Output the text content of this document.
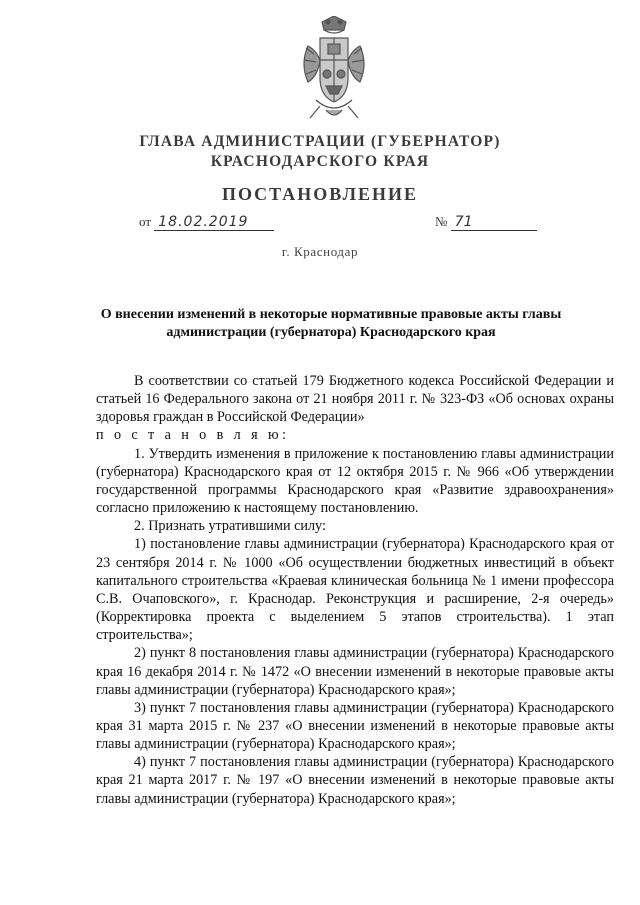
ГЛАВА АДМИНИСТРАЦИИ (ГУБЕРНАТОР)
КРАСНОДАРСКОГО КРАЯ
ПОСТАНОВЛЕНИЕ
от 18.02.2019	№ 71
г. Краснодар
О внесении изменений в некоторые нормативные правовые акты главы
администрации (губернатора) Краснодарского края

В соответствии со статьей 179 Бюджетного кодекса Российской Федерации и статьей 16 Федерального закона от 21 ноября 2011 г. № 323-ФЗ «Об основах охраны здоровья граждан в Российской Федерации»

п о с т а н о в л я ю:

1. Утвердить изменения в приложение к постановлению главы администрации (губернатора) Краснодарского края от 12 октября 2015 г. № 966 «Об утверждении государственной программы Краснодарского края «Развитие здравоохранения» согласно приложению к настоящему постановлению.

2. Признать утратившими силу:

1) постановление главы администрации (губернатора) Краснодарского края от 23 сентября 2014 г. № 1000 «Об осуществлении бюджетных инвестиций в объект капитального строительства «Краевая клиническая больница № 1 имени профессора С.В. Очаповского», г. Краснодар. Реконструкция и расширение, 2-я очередь» (Корректировка проекта с выделением 5 этапов строительства). 1 этап строительства»;

2) пункт 8 постановления главы администрации (губернатора) Краснодарского края 16 декабря 2014 г. № 1472 «О внесении изменений в некоторые правовые акты главы администрации (губернатора) Краснодарского края»;

3) пункт 7 постановления главы администрации (губернатора) Краснодарского края 31 марта 2015 г. № 237 «О внесении изменений в некоторые правовые акты главы администрации (губернатора) Краснодарского края»;

4) пункт 7 постановления главы администрации (губернатора) Краснодарского края 21 марта 2017 г. № 197 «О внесении изменений в некоторые правовые акты главы администрации (губернатора) Краснодарского края»;
